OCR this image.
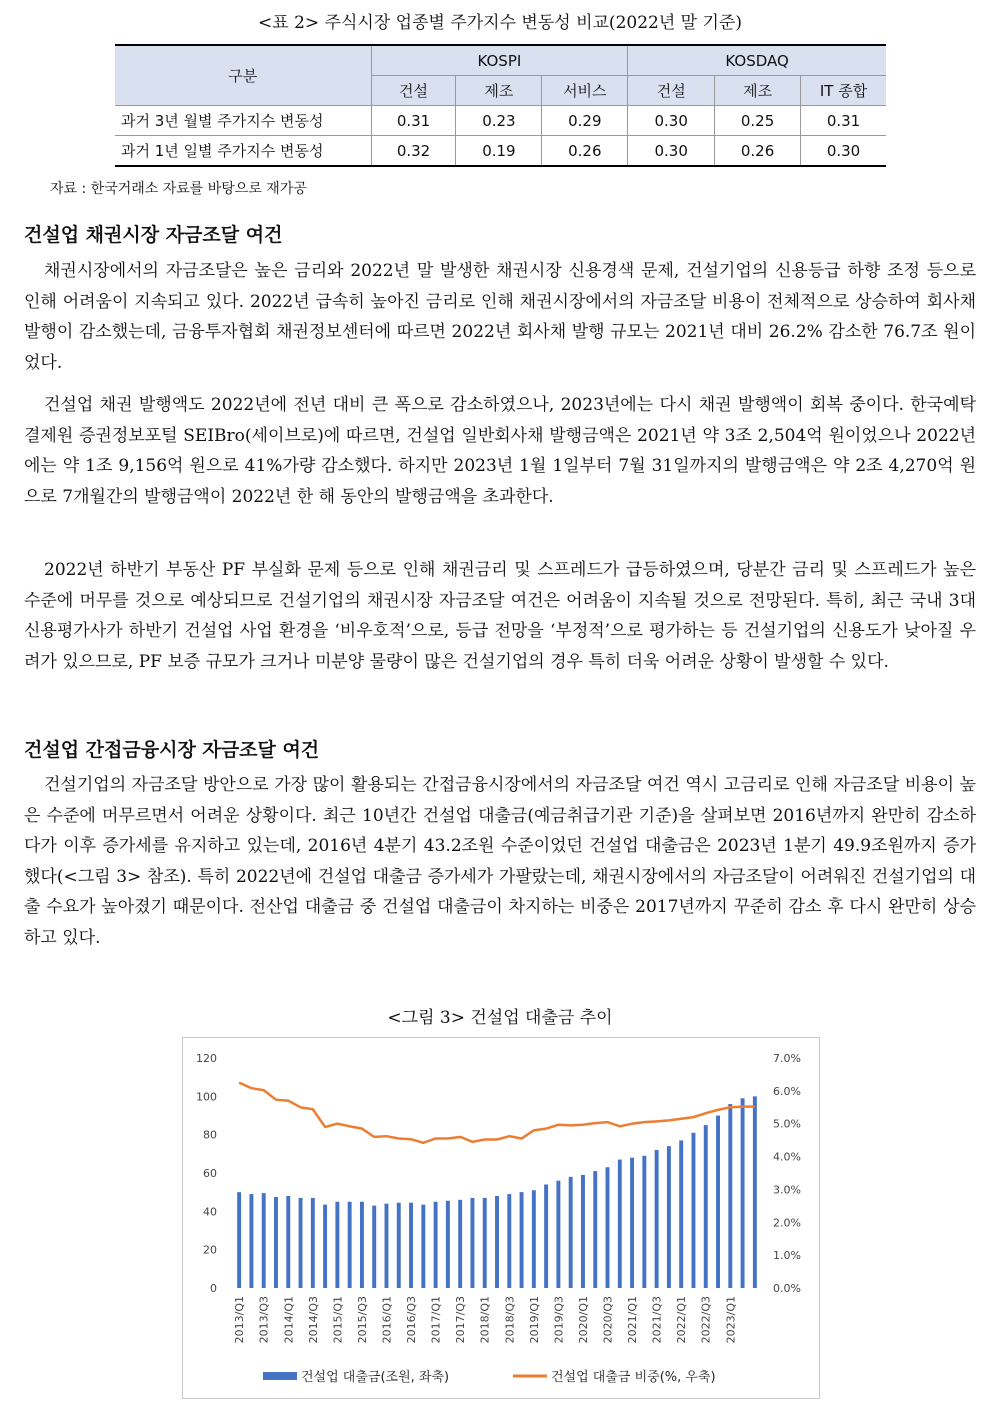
<표 2> 주식시장 업종별 주가지수 변동성 비교(2022년 말 기준)
구분	KOSPI			KOSDAQ		
	건설	제조	서비스	건설	제조	IT 종합
과거 3년 월별 주가지수 변동성	0.31	0.23	0.29	0.30	0.25	0.31
과거 1년 일별 주가지수 변동성	0.32	0.19	0.26	0.30	0.26	0.30
자료 : 한국거래소 자료를 바탕으로 재가공
건설업 채권시장 자금조달 여건

채권시장에서의 자금조달은 높은 금리와 2022년 말 발생한 채권시장 신용경색 문제, 건설기업의 신용등급 하향 조정 등으로 인해 어려움이 지속되고 있다. 2022년 급속히 높아진 금리로 인해 채권시장에서의 자금조달 비용이 전체적으로 상승하여 회사채 발행이 감소했는데, 금융투자협회 채권정보센터에 따르면 2022년 회사채 발행 규모는 2021년 대비 26.2% 감소한 76.7조 원이었다.

건설업 채권 발행액도 2022년에 전년 대비 큰 폭으로 감소하였으나, 2023년에는 다시 채권 발행액이 회복 중이다. 한국예탁결제원 증권정보포털 SEIBro(세이브로)에 따르면, 건설업 일반회사채 발행금액은 2021년 약 3조 2,504억 원이었으나 2022년에는 약 1조 9,156억 원으로 41%가량 감소했다. 하지만 2023년 1월 1일부터 7월 31일까지의 발행금액은 약 2조 4,270억 원으로 7개월간의 발행금액이 2022년 한 해 동안의 발행금액을 초과한다.

2022년 하반기 부동산 PF 부실화 문제 등으로 인해 채권금리 및 스프레드가 급등하였으며, 당분간 금리 및 스프레드가 높은 수준에 머무를 것으로 예상되므로 건설기업의 채권시장 자금조달 여건은 어려움이 지속될 것으로 전망된다. 특히, 최근 국내 3대 신용평가사가 하반기 건설업 사업 환경을 ‘비우호적’으로, 등급 전망을 ‘부정적’으로 평가하는 등 건설기업의 신용도가 낮아질 우려가 있으므로, PF 보증 규모가 크거나 미분양 물량이 많은 건설기업의 경우 특히 더욱 어려운 상황이 발생할 수 있다.

건설업 간접금융시장 자금조달 여건

건설기업의 자금조달 방안으로 가장 많이 활용되는 간접금융시장에서의 자금조달 여건 역시 고금리로 인해 자금조달 비용이 높은 수준에 머무르면서 어려운 상황이다. 최근 10년간 건설업 대출금(예금취급기관 기준)을 살펴보면 2016년까지 완만히 감소하다가 이후 증가세를 유지하고 있는데, 2016년 4분기 43.2조원 수준이었던 건설업 대출금은 2023년 1분기 49.9조원까지 증가했다(<그림 3> 참조). 특히 2022년에 건설업 대출금 증가세가 가팔랐는데, 채권시장에서의 자금조달이 어려워진 건설기업의 대출 수요가 높아졌기 때문이다. 전산업 대출금 중 건설업 대출금이 차지하는 비중은 2017년까지 꾸준히 감소 후 다시 완만히 상승하고 있다.

<그림 3> 건설업 대출금 추이
0
20
40
60
80
100
120
0.0%
1.0%
2.0%
3.0%
4.0%
5.0%
6.0%
7.0%
2013/Q1 2013/Q3 2014/Q1 2014/Q3 2015/Q1 2015/Q3 2016/Q1 2016/Q3 2017/Q1 2017/Q3 2018/Q1 2018/Q3 2019/Q1 2019/Q3 2020/Q1 2020/Q3 2021/Q1 2021/Q3 2022/Q1 2022/Q3 2023/Q1
건설업 대출금(조원, 좌축)	건설업 대출금 비중(%, 우축)
